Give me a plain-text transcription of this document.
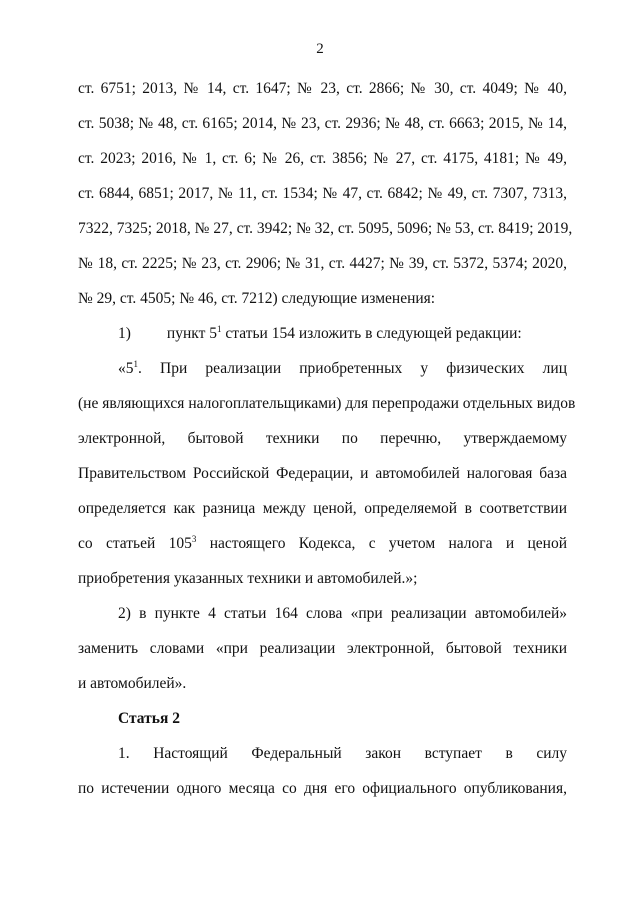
2
ст. 6751; 2013, № 14, ст. 1647; № 23, ст. 2866; № 30, ст. 4049; № 40,
ст. 5038; № 48, ст. 6165; 2014, № 23, ст. 2936; № 48, ст. 6663; 2015, № 14,
ст. 2023; 2016, № 1, ст. 6; № 26, ст. 3856; № 27, ст. 4175, 4181; № 49,
ст. 6844, 6851; 2017, № 11, ст. 1534; № 47, ст. 6842; № 49, ст. 7307, 7313,
7322, 7325; 2018, № 27, ст. 3942; № 32, ст. 5095, 5096; № 53, ст. 8419; 2019,
№ 18, ст. 2225; № 23, ст. 2906; № 31, ст. 4427; № 39, ст. 5372, 5374; 2020,
№ 29, ст. 4505; № 46, ст. 7212) следующие изменения:
1) пункт $5^1$ статьи 154 изложить в следующей редакции:
«$5^1$. При реализации приобретенных у физических лиц
(не являющихся налогоплательщиками) для перепродажи отдельных видов
электронной, бытовой техники по перечню, утверждаемому
Правительством Российской Федерации, и автомобилей налоговая база
определяется как разница между ценой, определяемой в соответствии
со статьей $105^3$ настоящего Кодекса, с учетом налога и ценой
приобретения указанных техники и автомобилей.»;
2) в пункте 4 статьи 164 слова «при реализации автомобилей»
заменить словами «при реализации электронной, бытовой техники
и автомобилей».
Статья 2
1. Настоящий Федеральный закон вступает в силу
по истечении одного месяца со дня его официального опубликования,
